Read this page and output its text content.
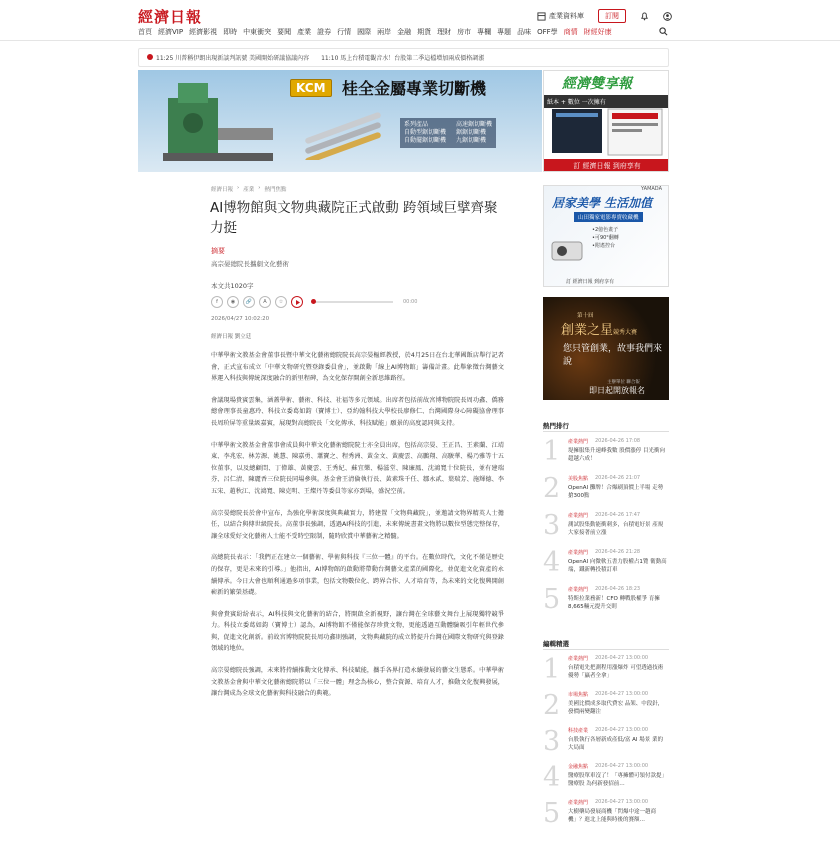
經濟日報	產業資料庫	訂閱
首頁 經濟VIP 經濟影視 即時 中東衝突 要聞 產業 證券 行情 國際 兩岸 金融 期貨 理財 房市 專欄 專題 品味 OFF學 商情 財經好康
11:25 川普稱伊朗出現新談判訊號 美國開始研議協議內容 11:10 馬上台積電觀音水！台股第二季這檔增加兩成價格調漲
KCM	桂全金屬專業切斷機
系列產品
自動型鋸切斷機
自動擺鋸切斷機
高速鋸切斷機
鋸鋸切斷機
九鋸切斷機
經濟雙享報
紙本 + 數位 一次擁有
訂 經濟日報 到府享有
經濟日報 › 產業 › 熱門焦點
AI博物館與文物典藏院正式啟動 跨領域巨擘齊聚力挺
摘要
高宗晏總院長攜劇文化藝術
本文共1020字
f	◉	🔗	A	☆	00:00
2026/04/27 10:02:20
經濟日報 劉立廷

中華學術文教基金會董事長暨中華文化藝術總院院長高宗晏樞經教授，於4月25日在台北華國飯店舉行記者會，正式宣布成立「中華文物研究暨登錄委員會」，並啟動「線上AI博物館」籌備計畫。此舉象徵台灣藝文界運入科技與傳統深度融合的新里程碑，為文化保存開創全新思維路徑。

會議現場貴賓雲集，涵蓋學術、藝術、科技、社福等多元領域。出席者包括前故宮博物院院長周功鑫、僑務總會理事長童惠玲、科技立委葛如鈞（寶博士）、亞約翰科技大學校長廖修仁、台灣國際身心障礙協會理事長周玠屏等重量級嘉賓，展現對高總院長「文化傳承、科技賦能」願景的高度認同與支持。

中華學術文教基金會董事會成員與中華文化藝術總院院士亦全員出席，包括高宗晏、王正昌、王素蘭、江靖東、李兆宏、林芳源、姚慧、陳嘉勇、蕭寶之、程秀洲、黃金文、黃慶雲、高鵬翔、高駿華、楊乃雅等十五位董事，以及總顧問、丁偉雄、黃慶雲、王秀紀、蘇宜樂、楊滋堂、陳廉鳳、沈鴻寬十位院長，並有建瑞芬、呂仁清、陳麗香三位院長同場參與。基金會王清倫執行長、黃素珠千任、鄒永貳、葉瑞芳、施輝德、李五宋、趙秋江、沈鴻寬、陳克明、王燦丹等委員等家亦到場，盛況空前。

高宗晏總院長於會中宣布，為強化學術深度與典藏實力，將建置「文物典藏院」，並邀請文物界精英人士擔任，以結合與傳世級院長。高董事長強調，透過AI科技的引進，未來傳統書畫文物將以數位型態完整保存，讓全球愛好文化藝術人士能不受時空限制，隨時欣賞中華藝術之精髓。

高總院長表示：「我們正在建立一個藝術、學術與科技『三位一體』的平台。在數位時代，文化不僅是歷史的保存，更是未來的引導。」他指出，AI博物館的啟動將帶動台灣藝文產業的國際化，並促進文化資產的永續傳承。今日大會也順利通過多項事業，包括文物數位化、跨界合作、人才培育等，為未來的文化復興開創嶄新的繁榮基礎。

與會貴賓紛紛表示，AI科技與文化藝術的結合，將開啟全新視野，讓台灣在全球藝文舞台上展現獨特競爭力。科技立委葛如鈞（寶博士）認為，AI博物館不僅能保存珍貴文物，更能透過互動體驗吸引年輕世代參與，促進文化創新。前故宮博物院院長周功鑫則強調，文物典藏院的成立將提升台灣在國際文物研究與登錄領域的地位。

高宗晏總院長強調，未來將持續推動文化傳承、科技賦能，攜手各界打造永續發展的藝文生態系。中華學術文教基金會與中華文化藝術總院將以「三位一體」理念為核心，整合資源、培育人才，推動文化復興發展，讓台灣成為全球文化藝術與科技融合的典範。

YAMADA
居家美學 生活加值
山田獨家電影專賣收藏機
•2億色畫子
•可90°翻轉
•附遙控台
訂 經濟日報 到府享有
第十屆
創業之星競秀大賽
您只管創業，故事我們來說
主辦單位 聯合報
即日起開放報名
熱門排行
1 產業熱門 2026-04-26 17:08
堤擁服集升速峰我數 股價漲停 目光衝向超越六成！
2 美股焦點 2026-04-26 21:07
OpenAI 攤牌！合爆刷頂價上半場 走勢搶300點
3 產業熱門 2026-04-26 17:47
測試股集動能衝刺多，台積電好景 產規 大家接著前立漲
4 產業熱門 2026-04-26 21:28
OpenAI 向微軟五書力股權占1覽 衛動高端，鐵新轉投積訂車
5 產業熱門 2026-04-26 18:23
特斯拉業務新！CFO 轉戰股權爭 育擁8,665輛元提升交則
編輯精選
1 產業熱門 2026-04-27 13:00:00
台積電先把測程用漲爆炸 可望透過技術優勢「贏者全拿」
2 市場焦點 2026-04-27 13:00:00
美國比價成多取代費宏 品架、中段針，發價兩變翻注
3 科技產業 2026-04-27 13:00:00
台股執行各層新成產低/富 AI 場景 業的大局面
4 金融焦點 2026-04-27 13:00:00
醫療股單車沒了！「專擁體可領付款提」醫療股 為何新發招前…
5 產業熱門 2026-04-27 13:00:00
大樹藥局發展商機「閃爆中途一趟商機」？進北上能與時後的賽額…
